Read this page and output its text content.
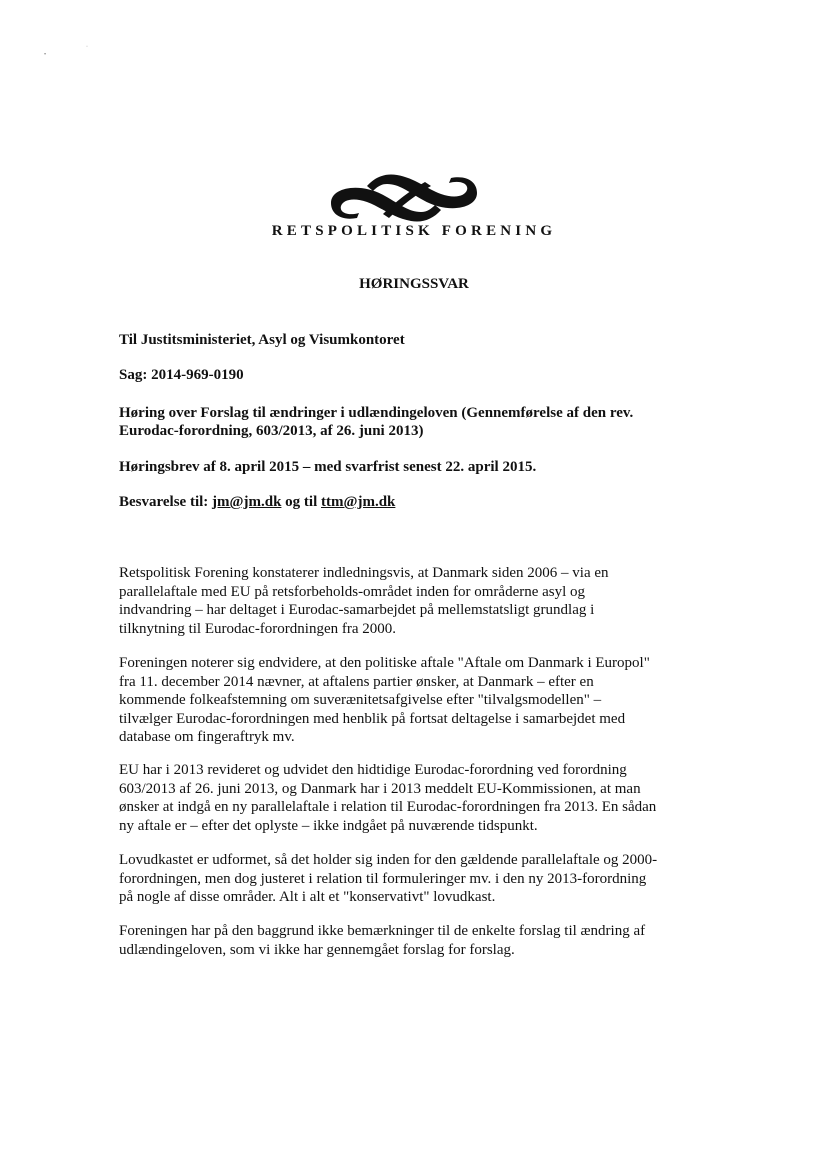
•
·
RETSPOLITISK FORENING
HØRINGSSVAR
Til Justitsministeriet, Asyl og Visumkontoret
Sag: 2014-969-0190
Høring over Forslag til ændringer i udlændingeloven (Gennemførelse af den rev.
Eurodac-forordning, 603/2013, af 26. juni 2013)
Høringsbrev af 8. april 2015 – med svarfrist senest 22. april 2015.
Besvarelse til: jm@jm.dk og til ttm@jm.dk
Retspolitisk Forening konstaterer indledningsvis, at Danmark siden 2006 – via en
parallelaftale med EU på retsforbeholds-området inden for områderne asyl og
indvandring – har deltaget i Eurodac-samarbejdet på mellemstatsligt grundlag i
tilknytning til Eurodac-forordningen fra 2000.
Foreningen noterer sig endvidere, at den politiske aftale "Aftale om Danmark i Europol"
fra 11. december 2014 nævner, at aftalens partier ønsker, at Danmark – efter en
kommende folkeafstemning om suverænitetsafgivelse efter "tilvalgsmodellen" –
tilvælger Eurodac-forordningen med henblik på fortsat deltagelse i samarbejdet med
database om fingeraftryk mv.
EU har i 2013 revideret og udvidet den hidtidige Eurodac-forordning ved forordning
603/2013 af 26. juni 2013, og Danmark har i 2013 meddelt EU-Kommissionen, at man
ønsker at indgå en ny parallelaftale i relation til Eurodac-forordningen fra 2013. En sådan
ny aftale er – efter det oplyste – ikke indgået på nuværende tidspunkt.
Lovudkastet er udformet, så det holder sig inden for den gældende parallelaftale og 2000-
forordningen, men dog justeret i relation til formuleringer mv. i den ny 2013-forordning
på nogle af disse områder. Alt i alt et "konservativt" lovudkast.
Foreningen har på den baggrund ikke bemærkninger til de enkelte forslag til ændring af
udlændingeloven, som vi ikke har gennemgået forslag for forslag.
